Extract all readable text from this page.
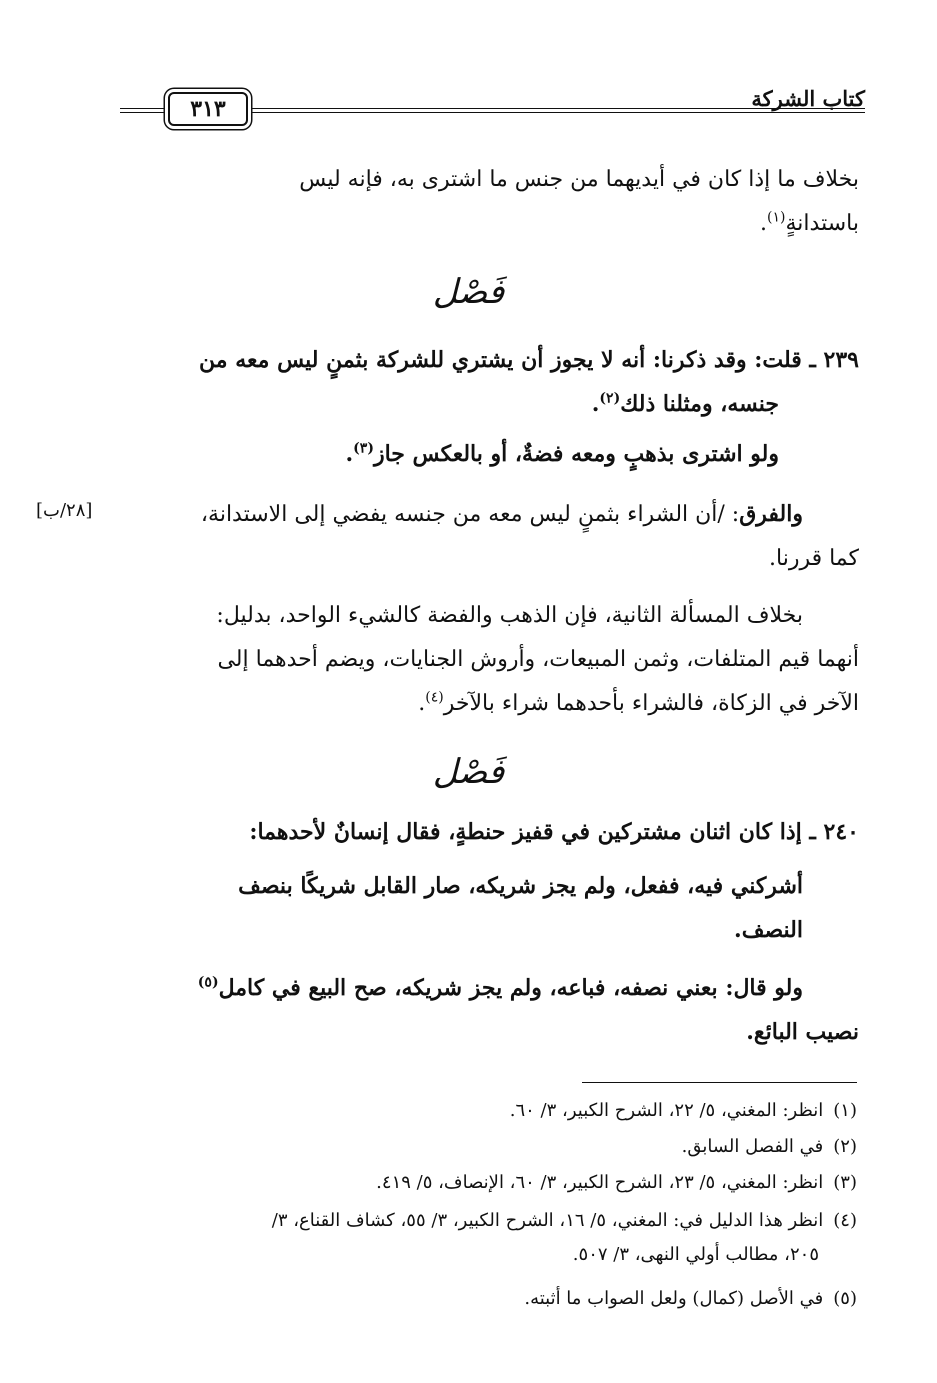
كتاب الشركة
٣١٣
بخلاف ما إذا كان في أيديهما من جنس ما اشترى به، فإنه ليس
باستدانةٍ$^{(١)}$.
فَصْل
٢٣٩ ـ قلت: وقد ذكرنا: أنه لا يجوز أن يشتري للشركة بثمنٍ ليس معه من
جنسه، ومثلنا ذلك$^{(٢)}$.
ولو اشترى بذهبٍ ومعه فضةٌ، أو بالعكس جاز$^{(٣)}$.
والفرق: /أن الشراء بثمنٍ ليس معه من جنسه يفضي إلى الاستدانة،
كما قررنا.
[٢٨/ب]
بخلاف المسألة الثانية، فإن الذهب والفضة كالشيء الواحد، بدليل:
أنهما قيم المتلفات، وثمن المبيعات، وأروش الجنايات، ويضم أحدهما إلى
الآخر في الزكاة، فالشراء بأحدهما شراء بالآخر$^{(٤)}$.
فَصْل
٢٤٠ ـ إذا كان اثنان مشتركين في قفيز حنطةٍ، فقال إنسانٌ لأحدهما:
أشركني فيه، ففعل، ولم يجز شريكه، صار القابل شريكًا بنصف
النصف.
ولو قال: بعني نصفه، فباعه، ولم يجز شريكه، صح البيع في كامل$^{(٥)}$
نصيب البائع.
(١)انظر: المغني، ٥/ ٢٢، الشرح الكبير، ٣/ ٦٠.
(٢)في الفصل السابق.
(٣)انظر: المغني، ٥/ ٢٣، الشرح الكبير، ٣/ ٦٠، الإنصاف، ٥/ ٤١٩.
(٤)انظر هذا الدليل في: المغني، ٥/ ١٦، الشرح الكبير، ٣/ ٥٥، كشاف القناع، ٣/
٢٠٥، مطالب أولي النهى، ٣/ ٥٠٧.
(٥)في الأصل (كمال) ولعل الصواب ما أثبته.
